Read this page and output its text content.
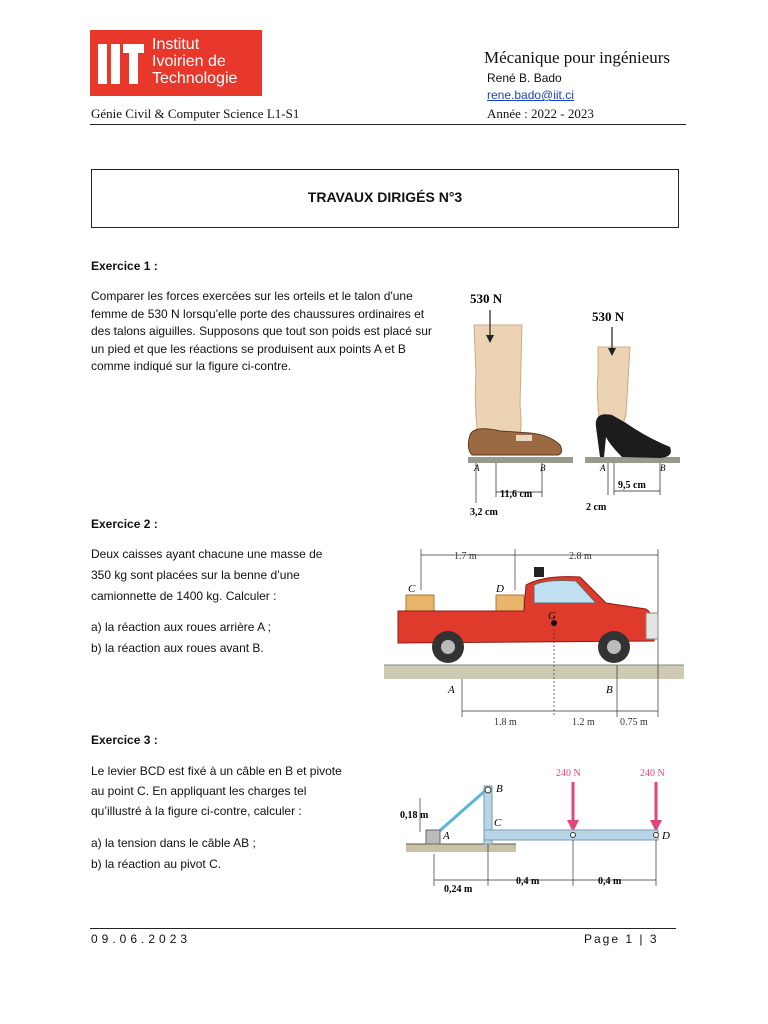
Institut
Ivoirien de
Technologie
Mécanique pour ingénieurs
René B. Bado
rene.bado@iit.ci
Génie Civil & Computer Science L1-S1	Année : 2022 - 2023
TRAVAUX DIRIGÉS N°3
Exercice 1 :
Comparer les forces exercées sur les orteils et le talon d'une
femme de 530 N lorsqu'elle porte des chaussures ordinaires et
des talons aiguilles. Supposons que tout son poids est placé sur
un pied et que les réactions se produisent aux points A et B
comme indiqué sur la figure ci-contre.
530 N
530 N
A	B	A	B
11,6 cm
3,2 cm
9,5 cm
2 cm
Exercice 2 :
Deux caisses ayant chacune une masse de
350 kg sont placées sur la benne d’une
camionnette de 1400 kg. Calculer :
a) la réaction aux roues arrière A ;
b) la réaction aux roues avant B.
1.7 m	2.8 m
C	D
G
A	B
1.8 m	1.2 m	0.75 m
Exercice 3 :
Le levier BCD est fixé à un câble en B et pivote
au point C. En appliquant les charges tel
qu’illustré à la figure ci-contre, calculer :
a) la tension dans le câble AB ;
b) la réaction au pivot C.
240 N	240 N
B
C
A	D
0,18 m
0,24 m
0,4 m	0,4 m
09.06.2023	Page 1 | 3
